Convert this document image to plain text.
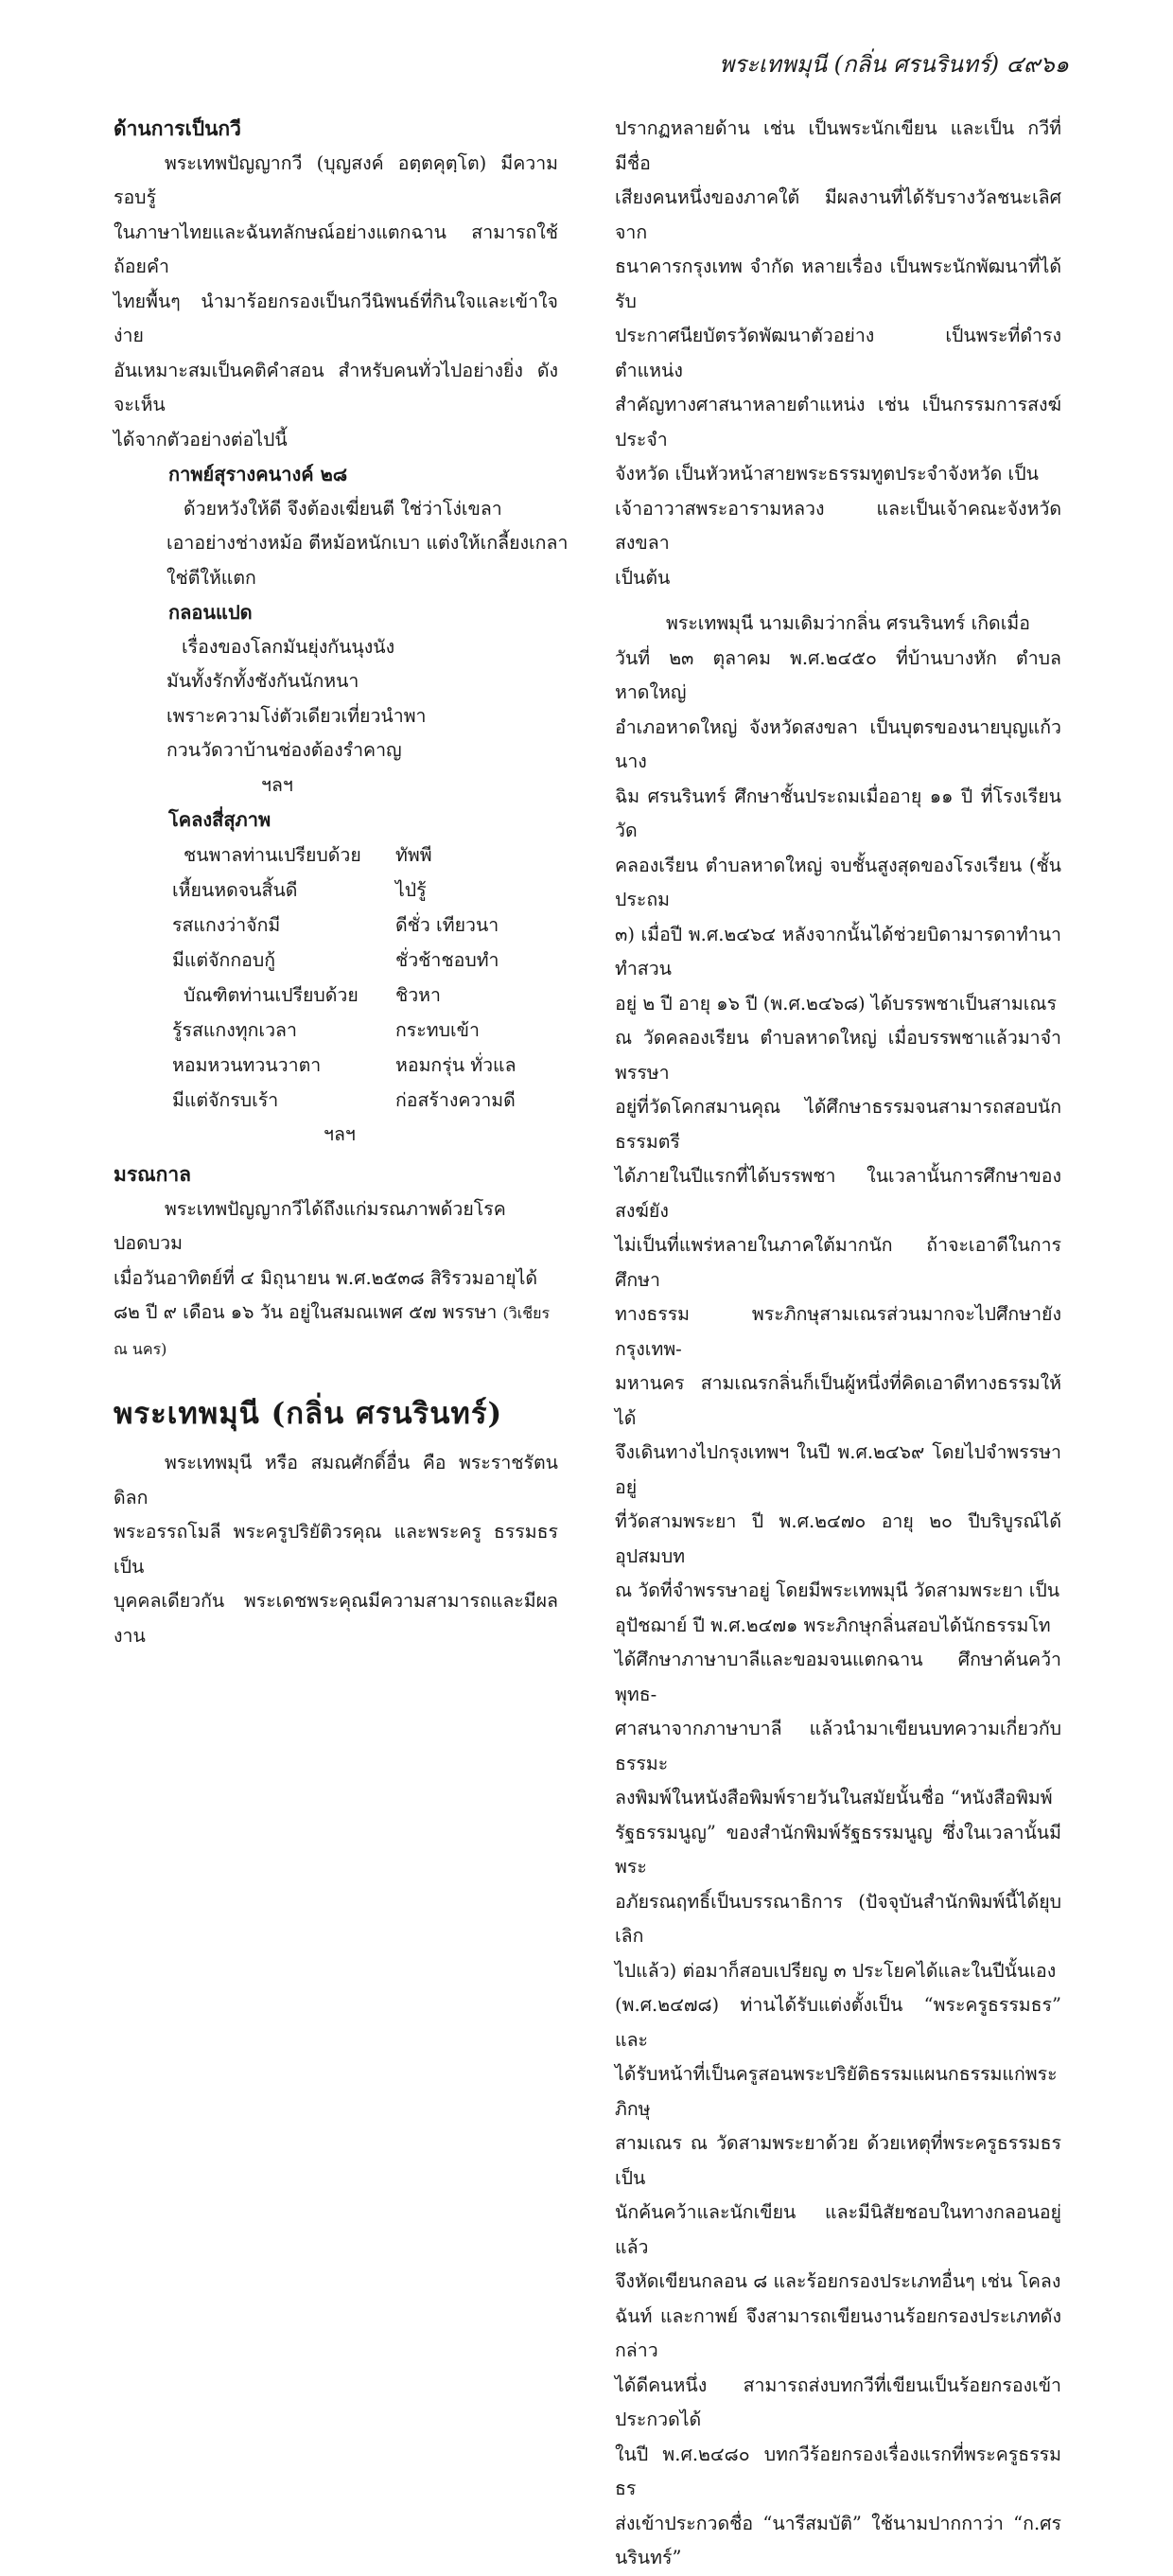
พระเทพมุนี (กลิ่น ศรนรินทร์) ๔๙๖๑

ด้านการเป็นกวี

พระเทพปัญญากวี (บุญสงค์ อตฺตคุตฺโต) มีความรอบรู้
ในภาษาไทยและฉันทลักษณ์อย่างแตกฉาน สามารถใช้ถ้อยคำ
ไทยพื้นๆ นำมาร้อยกรองเป็นกวีนิพนธ์ที่กินใจและเข้าใจง่าย
อันเหมาะสมเป็นคติคำสอน สำหรับคนทั่วไปอย่างยิ่ง ดังจะเห็น
ได้จากตัวอย่างต่อไปนี้

กาพย์สุรางคนางค์ ๒๘

ด้วยหวังให้ดี จึงต้องเฆี่ยนตี ใช่ว่าโง่เขลา

เอาอย่างช่างหม้อ ตีหม้อหนักเบา แต่งให้เกลี้ยงเกลา

ใช่ตีให้แตก

กลอนแปด

เรื่องของโลกมันยุ่งกันนุงนัง

มันทั้งรักทั้งชังกันนักหนา

เพราะความโง่ตัวเดียวเที่ยวนำพา

กวนวัดวาบ้านช่องต้องรำคาญ

ฯลฯ

โคลงสี่สุภาพ

ชนพาลท่านเปรียบด้วย	ทัพพี
เหี้ยนหดจนสิ้นดี	ไป่รู้
รสแกงว่าจักมี	ดีชั่ว เทียวนา
มีแต่จักกอบกู้	ชั่วช้าชอบทำ
บัณฑิตท่านเปรียบด้วย	ชิวหา
รู้รสแกงทุกเวลา	กระทบเข้า
หอมหวนทวนวาตา	หอมกรุ่น ทั่วแล
มีแต่จักรบเร้า	ก่อสร้างความดี

ฯลฯ

มรณกาล

พระเทพปัญญากวีได้ถึงแก่มรณภาพด้วยโรคปอดบวม
เมื่อวันอาทิตย์ที่ ๔ มิถุนายน พ.ศ.๒๕๓๘ สิริรวมอายุได้
๘๒ ปี ๙ เดือน ๑๖ วัน อยู่ในสมณเพศ ๕๗ พรรษา (วิเชียร
ณ นคร)

พระเทพมุนี (กลิ่น ศรนรินทร์)

พระเทพมุนี หรือ สมณศักดิ์อื่น คือ พระราชรัตนดิลก
พระอรรถโมลี พระครูปริยัติวรคุณ และพระครู ธรรมธร เป็น
บุคคลเดียวกัน พระเดชพระคุณมีความสามารถและมีผลงาน

ปรากฏหลายด้าน เช่น เป็นพระนักเขียน และเป็น กวีที่มีชื่อ
เสียงคนหนึ่งของภาคใต้ มีผลงานที่ได้รับรางวัลชนะเลิศจาก
ธนาคารกรุงเทพ จำกัด หลายเรื่อง เป็นพระนักพัฒนาที่ได้รับ
ประกาศนียบัตรวัดพัฒนาตัวอย่าง เป็นพระที่ดำรงตำแหน่ง
สำคัญทางศาสนาหลายตำแหน่ง เช่น เป็นกรรมการสงฆ์ประจำ
จังหวัด เป็นหัวหน้าสายพระธรรมทูตประจำจังหวัด เป็น
เจ้าอาวาสพระอารามหลวง และเป็นเจ้าคณะจังหวัดสงขลา
เป็นต้น

พระเทพมุนี นามเดิมว่ากลิ่น ศรนรินทร์ เกิดเมื่อ
วันที่ ๒๓ ตุลาคม พ.ศ.๒๔๕๐ ที่บ้านบางหัก ตำบลหาดใหญ่
อำเภอหาดใหญ่ จังหวัดสงขลา เป็นบุตรของนายบุญแก้ว นาง
ฉิม ศรนรินทร์ ศึกษาชั้นประถมเมื่ออายุ ๑๑ ปี ที่โรงเรียนวัด
คลองเรียน ตำบลหาดใหญ่ จบชั้นสูงสุดของโรงเรียน (ชั้นประถม
๓) เมื่อปี พ.ศ.๒๔๖๔ หลังจากนั้นได้ช่วยบิดามารดาทำนาทำสวน
อยู่ ๒ ปี อายุ ๑๖ ปี (พ.ศ.๒๔๖๘) ได้บรรพชาเป็นสามเณร
ณ วัดคลองเรียน ตำบลหาดใหญ่ เมื่อบรรพชาแล้วมาจำพรรษา
อยู่ที่วัดโคกสมานคุณ ได้ศึกษาธรรมจนสามารถสอบนักธรรมตรี
ได้ภายในปีแรกที่ได้บรรพชา ในเวลานั้นการศึกษาของสงฆ์ยัง
ไม่เป็นที่แพร่หลายในภาคใต้มากนัก ถ้าจะเอาดีในการศึกษา
ทางธรรม พระภิกษุสามเณรส่วนมากจะไปศึกษายังกรุงเทพ-
มหานคร สามเณรกลิ่นก็เป็นผู้หนึ่งที่คิดเอาดีทางธรรมให้ได้
จึงเดินทางไปกรุงเทพฯ ในปี พ.ศ.๒๔๖๙ โดยไปจำพรรษาอยู่
ที่วัดสามพระยา ปี พ.ศ.๒๔๗๐ อายุ ๒๐ ปีบริบูรณ์ได้อุปสมบท
ณ วัดที่จำพรรษาอยู่ โดยมีพระเทพมุนี วัดสามพระยา เป็น
อุปัชฌาย์ ปี พ.ศ.๒๔๗๑ พระภิกษุกลิ่นสอบได้นักธรรมโท
ได้ศึกษาภาษาบาลีและขอมจนแตกฉาน ศึกษาค้นคว้าพุทธ-
ศาสนาจากภาษาบาลี แล้วนำมาเขียนบทความเกี่ยวกับธรรมะ
ลงพิมพ์ในหนังสือพิมพ์รายวันในสมัยนั้นชื่อ “หนังสือพิมพ์
รัฐธรรมนูญ” ของสำนักพิมพ์รัฐธรรมนูญ ซึ่งในเวลานั้นมีพระ
อภัยรณฤทธิ์เป็นบรรณาธิการ (ปัจจุบันสำนักพิมพ์นี้ได้ยุบเลิก
ไปแล้ว) ต่อมาก็สอบเปรียญ ๓ ประโยคได้และในปีนั้นเอง
(พ.ศ.๒๔๗๘) ท่านได้รับแต่งตั้งเป็น “พระครูธรรมธร” และ
ได้รับหน้าที่เป็นครูสอนพระปริยัติธรรมแผนกธรรมแก่พระภิกษุ
สามเณร ณ วัดสามพระยาด้วย ด้วยเหตุที่พระครูธรรมธรเป็น
นักค้นคว้าและนักเขียน และมีนิสัยชอบในทางกลอนอยู่แล้ว
จึงหัดเขียนกลอน ๘ และร้อยกรองประเภทอื่นๆ เช่น โคลง
ฉันท์ และกาพย์ จึงสามารถเขียนงานร้อยกรองประเภทดังกล่าว
ได้ดีคนหนึ่ง สามารถส่งบทกวีที่เขียนเป็นร้อยกรองเข้าประกวดได้
ในปี พ.ศ.๒๔๘๐ บทกวีร้อยกรองเรื่องแรกที่พระครูธรรมธร
ส่งเข้าประกวดชื่อ “นารีสมบัติ” ใช้นามปากกาว่า “ก.ศรนรินทร์”
